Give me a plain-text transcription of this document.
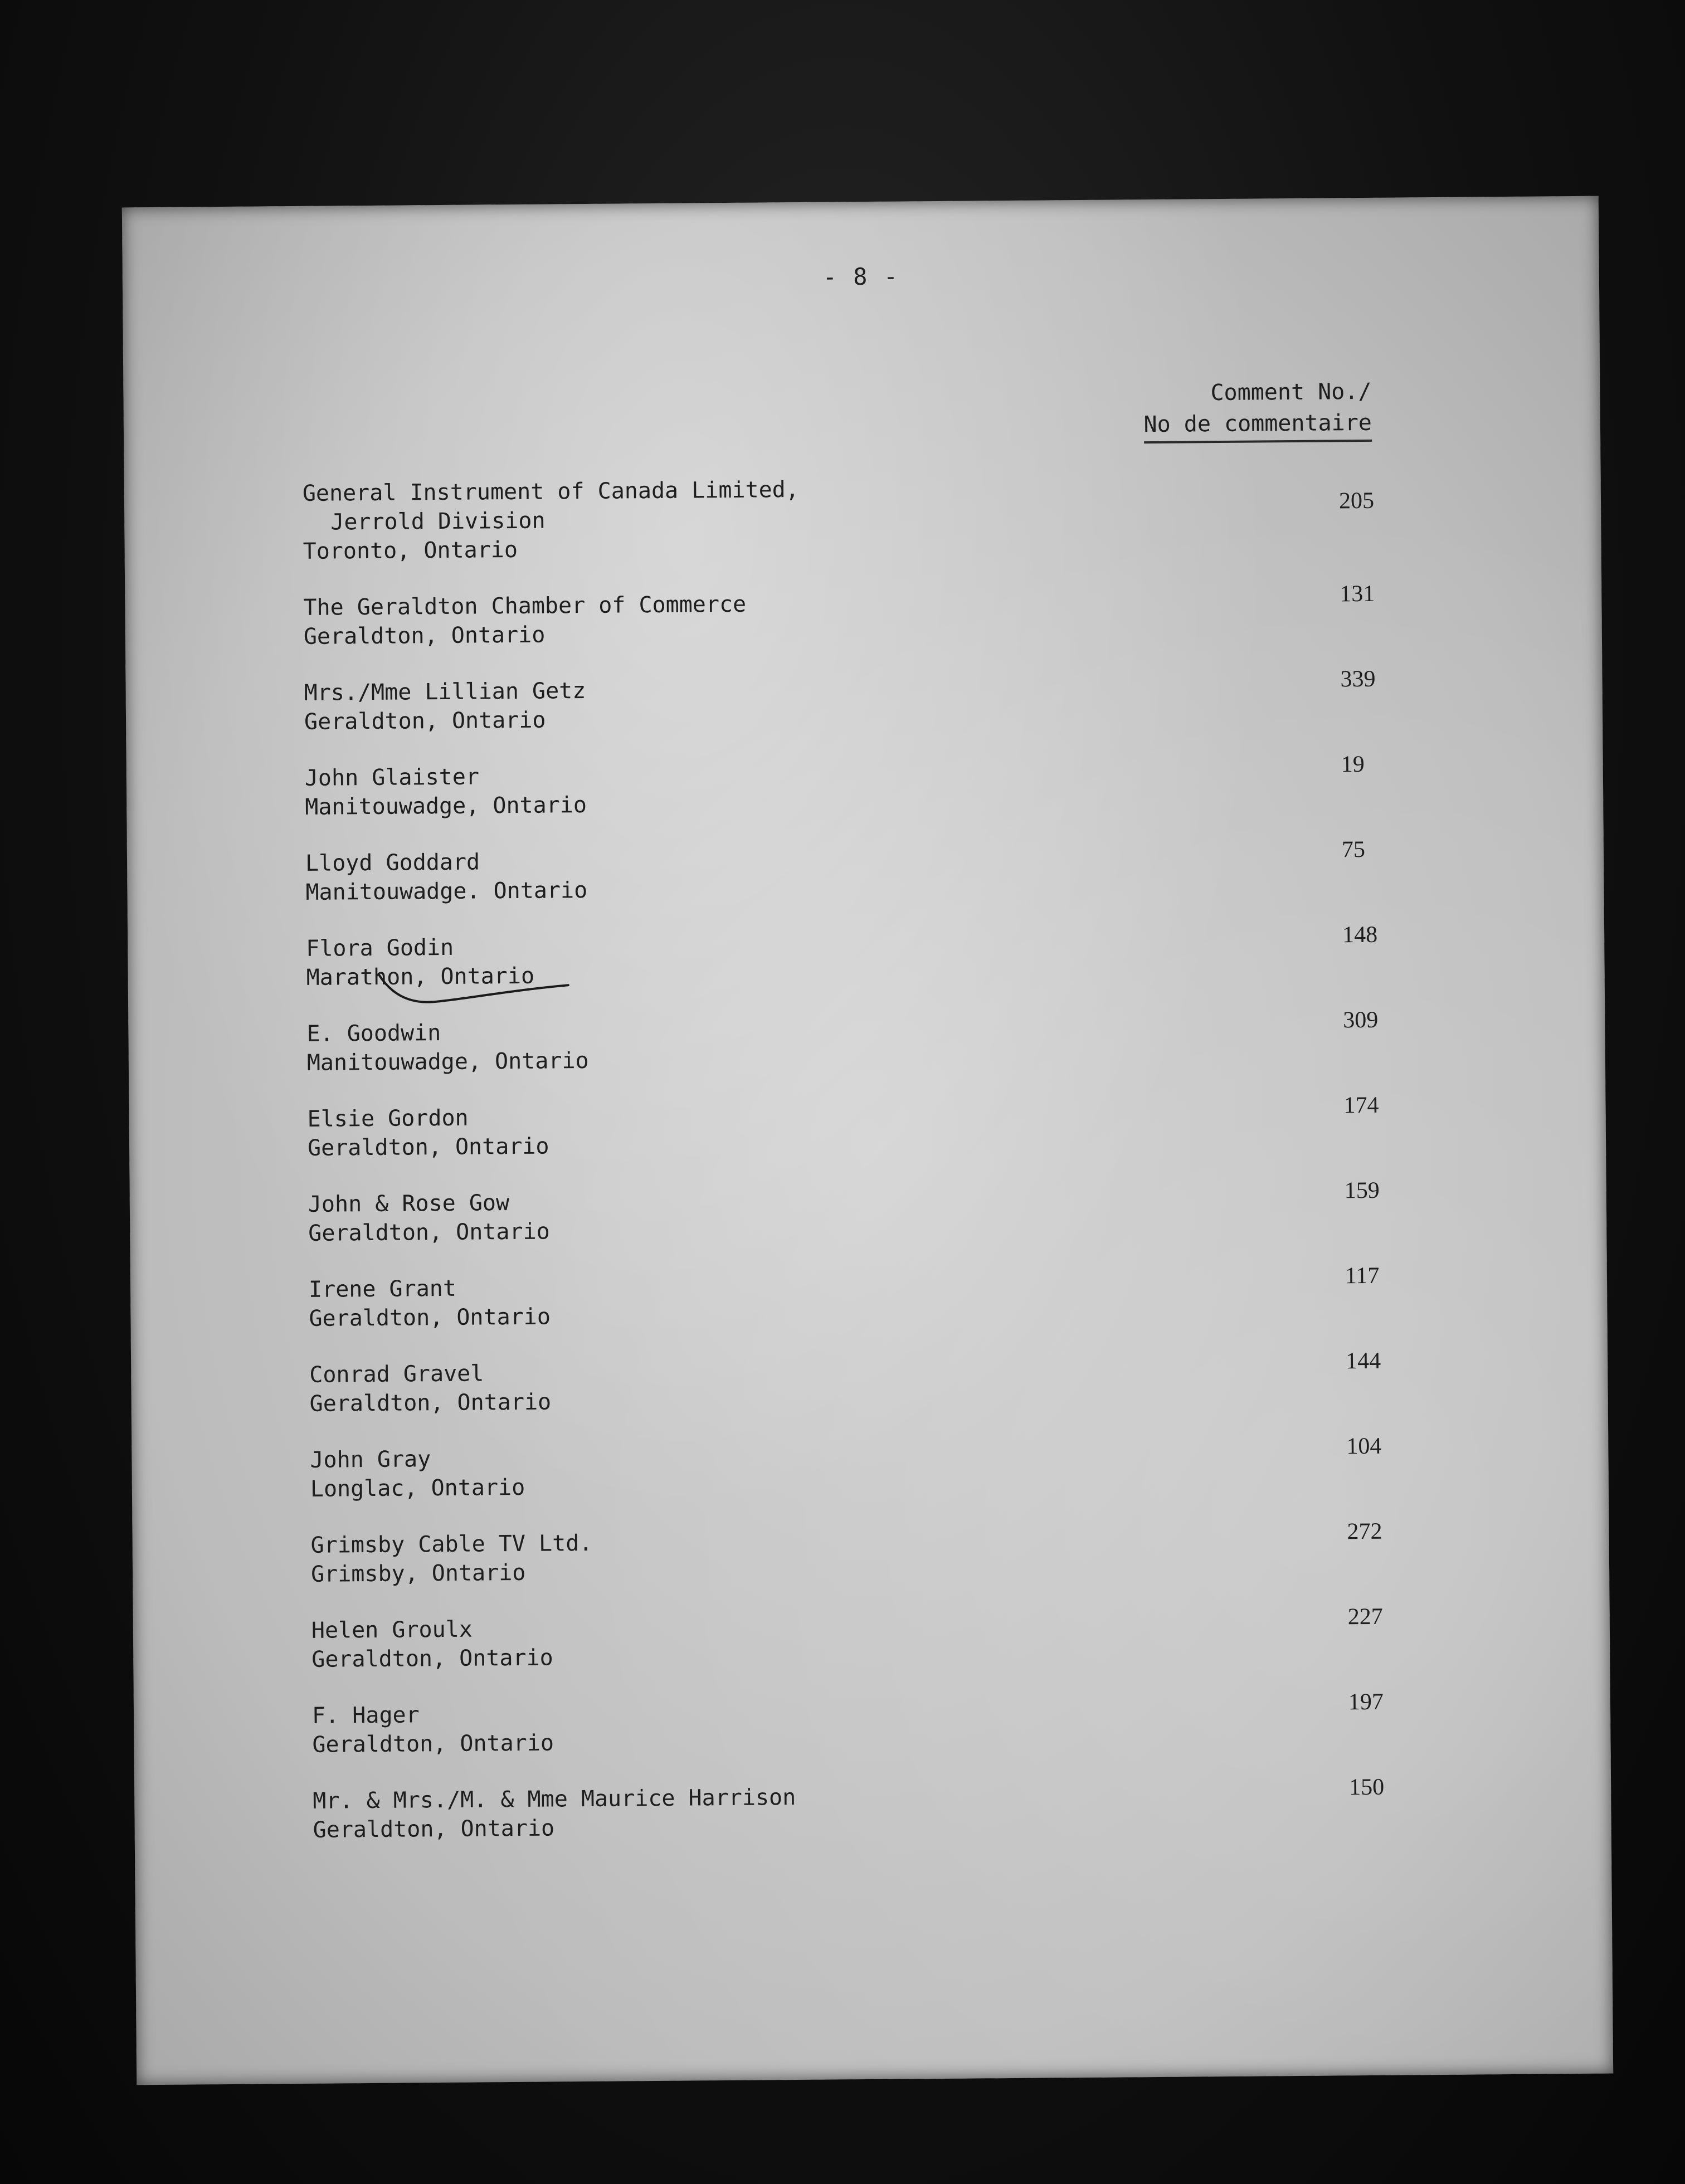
- 8 -
Comment No./
No de commentaire
General Instrument of Canada Limited,
Jerrold Division
Toronto, Ontario
205
The Geraldton Chamber of Commerce
Geraldton, Ontario
131
Mrs./Mme Lillian Getz
Geraldton, Ontario
339
John Glaister
Manitouwadge, Ontario
19
Lloyd Goddard
Manitouwadge. Ontario
75
Flora Godin
Marathon, Ontario
148
E. Goodwin
Manitouwadge, Ontario
309
Elsie Gordon
Geraldton, Ontario
174
John & Rose Gow
Geraldton, Ontario
159
Irene Grant
Geraldton, Ontario
117
Conrad Gravel
Geraldton, Ontario
144
John Gray
Longlac, Ontario
104
Grimsby Cable TV Ltd.
Grimsby, Ontario
272
Helen Groulx
Geraldton, Ontario
227
F. Hager
Geraldton, Ontario
197
Mr. & Mrs./M. & Mme Maurice Harrison
Geraldton, Ontario
150
